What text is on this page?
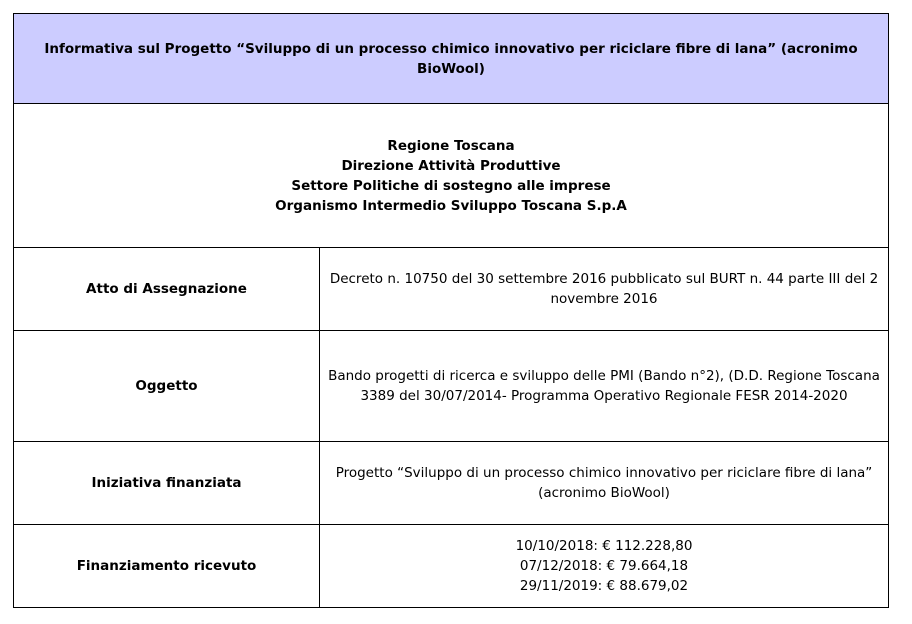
Informativa sul Progetto “Sviluppo di un processo chimico innovativo per riciclare fibre di lana” (acronimo BioWool)	

Regione Toscana
Direzione Attività Produttive
Settore Politiche di sostegno alle imprese
Organismo Intermedio Sviluppo Toscana S.p.A	

Atto di Assegnazione	Decreto n. 10750 del 30 settembre 2016 pubblicato sul BURT n. 44 parte III del 2 novembre 2016
Oggetto	Bando progetti di ricerca e sviluppo delle PMI (Bando n°2), (D.D. Regione Toscana 3389 del 30/07/2014- Programma Operativo Regionale FESR 2014-2020
Iniziativa finanziata	Progetto “Sviluppo di un processo chimico innovativo per riciclare fibre di lana” (acronimo BioWool)
Finanziamento ricevuto	10/10/2018: € 112.228,80
07/12/2018: € 79.664,18
29/11/2019: € 88.679,02
